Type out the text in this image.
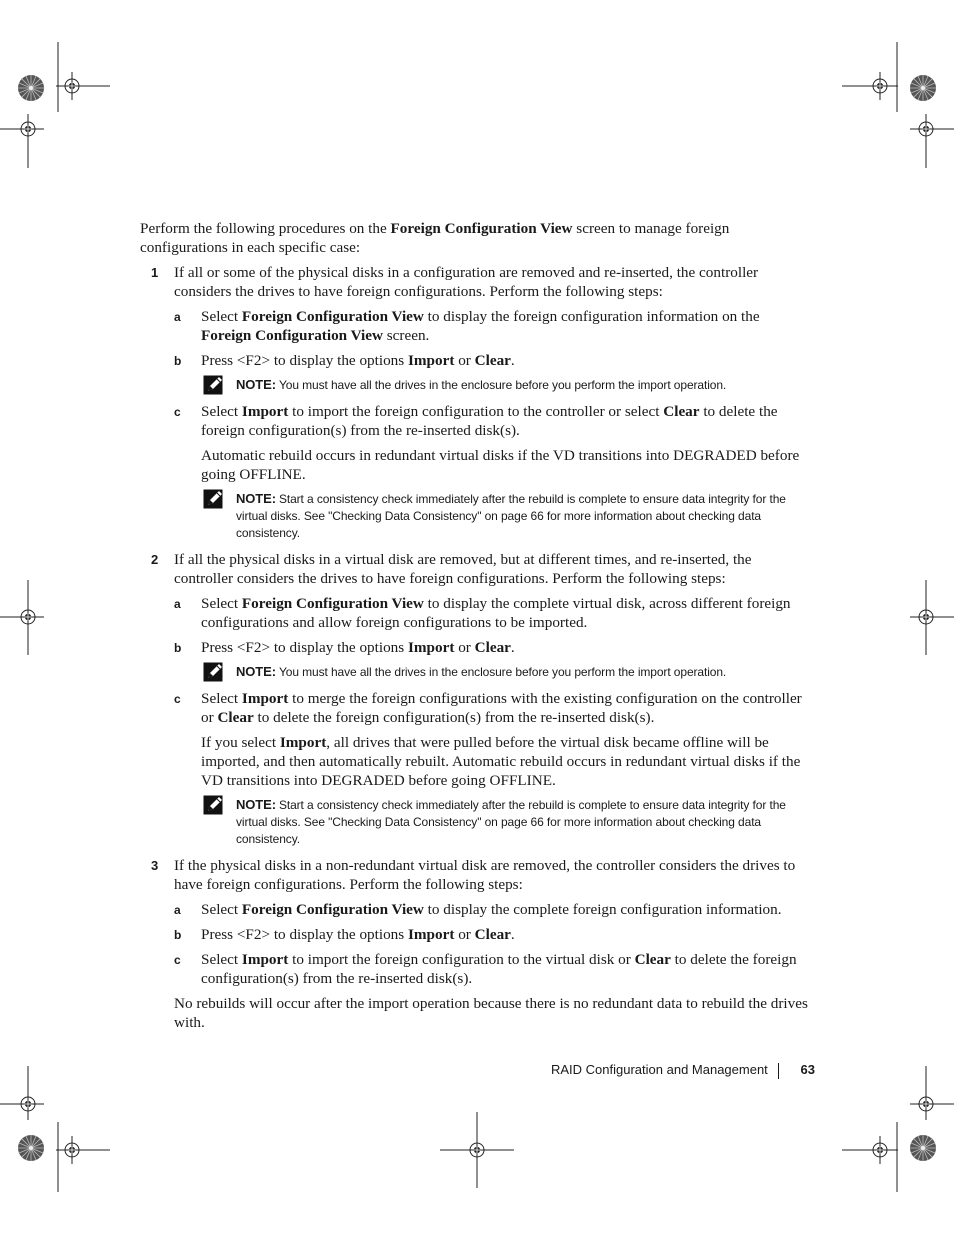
Perform the following procedures on the Foreign Configuration View screen to manage foreign configurations in each specific case:

1 If all or some of the physical disks in a configuration are removed and re-inserted, the controller considers the drives to have foreign configurations. Perform the following steps:

a Select Foreign Configuration View to display the foreign configuration information on the Foreign Configuration View screen.

b Press <F2> to display the options Import or Clear.

NOTE: You must have all the drives in the enclosure before you perform the import operation.
c Select Import to import the foreign configuration to the controller or select Clear to delete the foreign configuration(s) from the re-inserted disk(s).

Automatic rebuild occurs in redundant virtual disks if the VD transitions into DEGRADED before going OFFLINE.

NOTE: Start a consistency check immediately after the rebuild is complete to ensure data integrity for the virtual disks. See "Checking Data Consistency" on page 66 for more information about checking data consistency.
2 If all the physical disks in a virtual disk are removed, but at different times, and re-inserted, the controller considers the drives to have foreign configurations. Perform the following steps:

a Select Foreign Configuration View to display the complete virtual disk, across different foreign configurations and allow foreign configurations to be imported.

b Press <F2> to display the options Import or Clear.

NOTE: You must have all the drives in the enclosure before you perform the import operation.
c Select Import to merge the foreign configurations with the existing configuration on the controller or Clear to delete the foreign configuration(s) from the re-inserted disk(s).

If you select Import, all drives that were pulled before the virtual disk became offline will be imported, and then automatically rebuilt. Automatic rebuild occurs in redundant virtual disks if the VD transitions into DEGRADED before going OFFLINE.

NOTE: Start a consistency check immediately after the rebuild is complete to ensure data integrity for the virtual disks. See "Checking Data Consistency" on page 66 for more information about checking data consistency.
3 If the physical disks in a non-redundant virtual disk are removed, the controller considers the drives to have foreign configurations. Perform the following steps:

a Select Foreign Configuration View to display the complete foreign configuration information.

b Press <F2> to display the options Import or Clear.

c Select Import to import the foreign configuration to the virtual disk or Clear to delete the foreign configuration(s) from the re-inserted disk(s).

No rebuilds will occur after the import operation because there is no redundant data to rebuild the drives with.

RAID Configuration and Management	63
